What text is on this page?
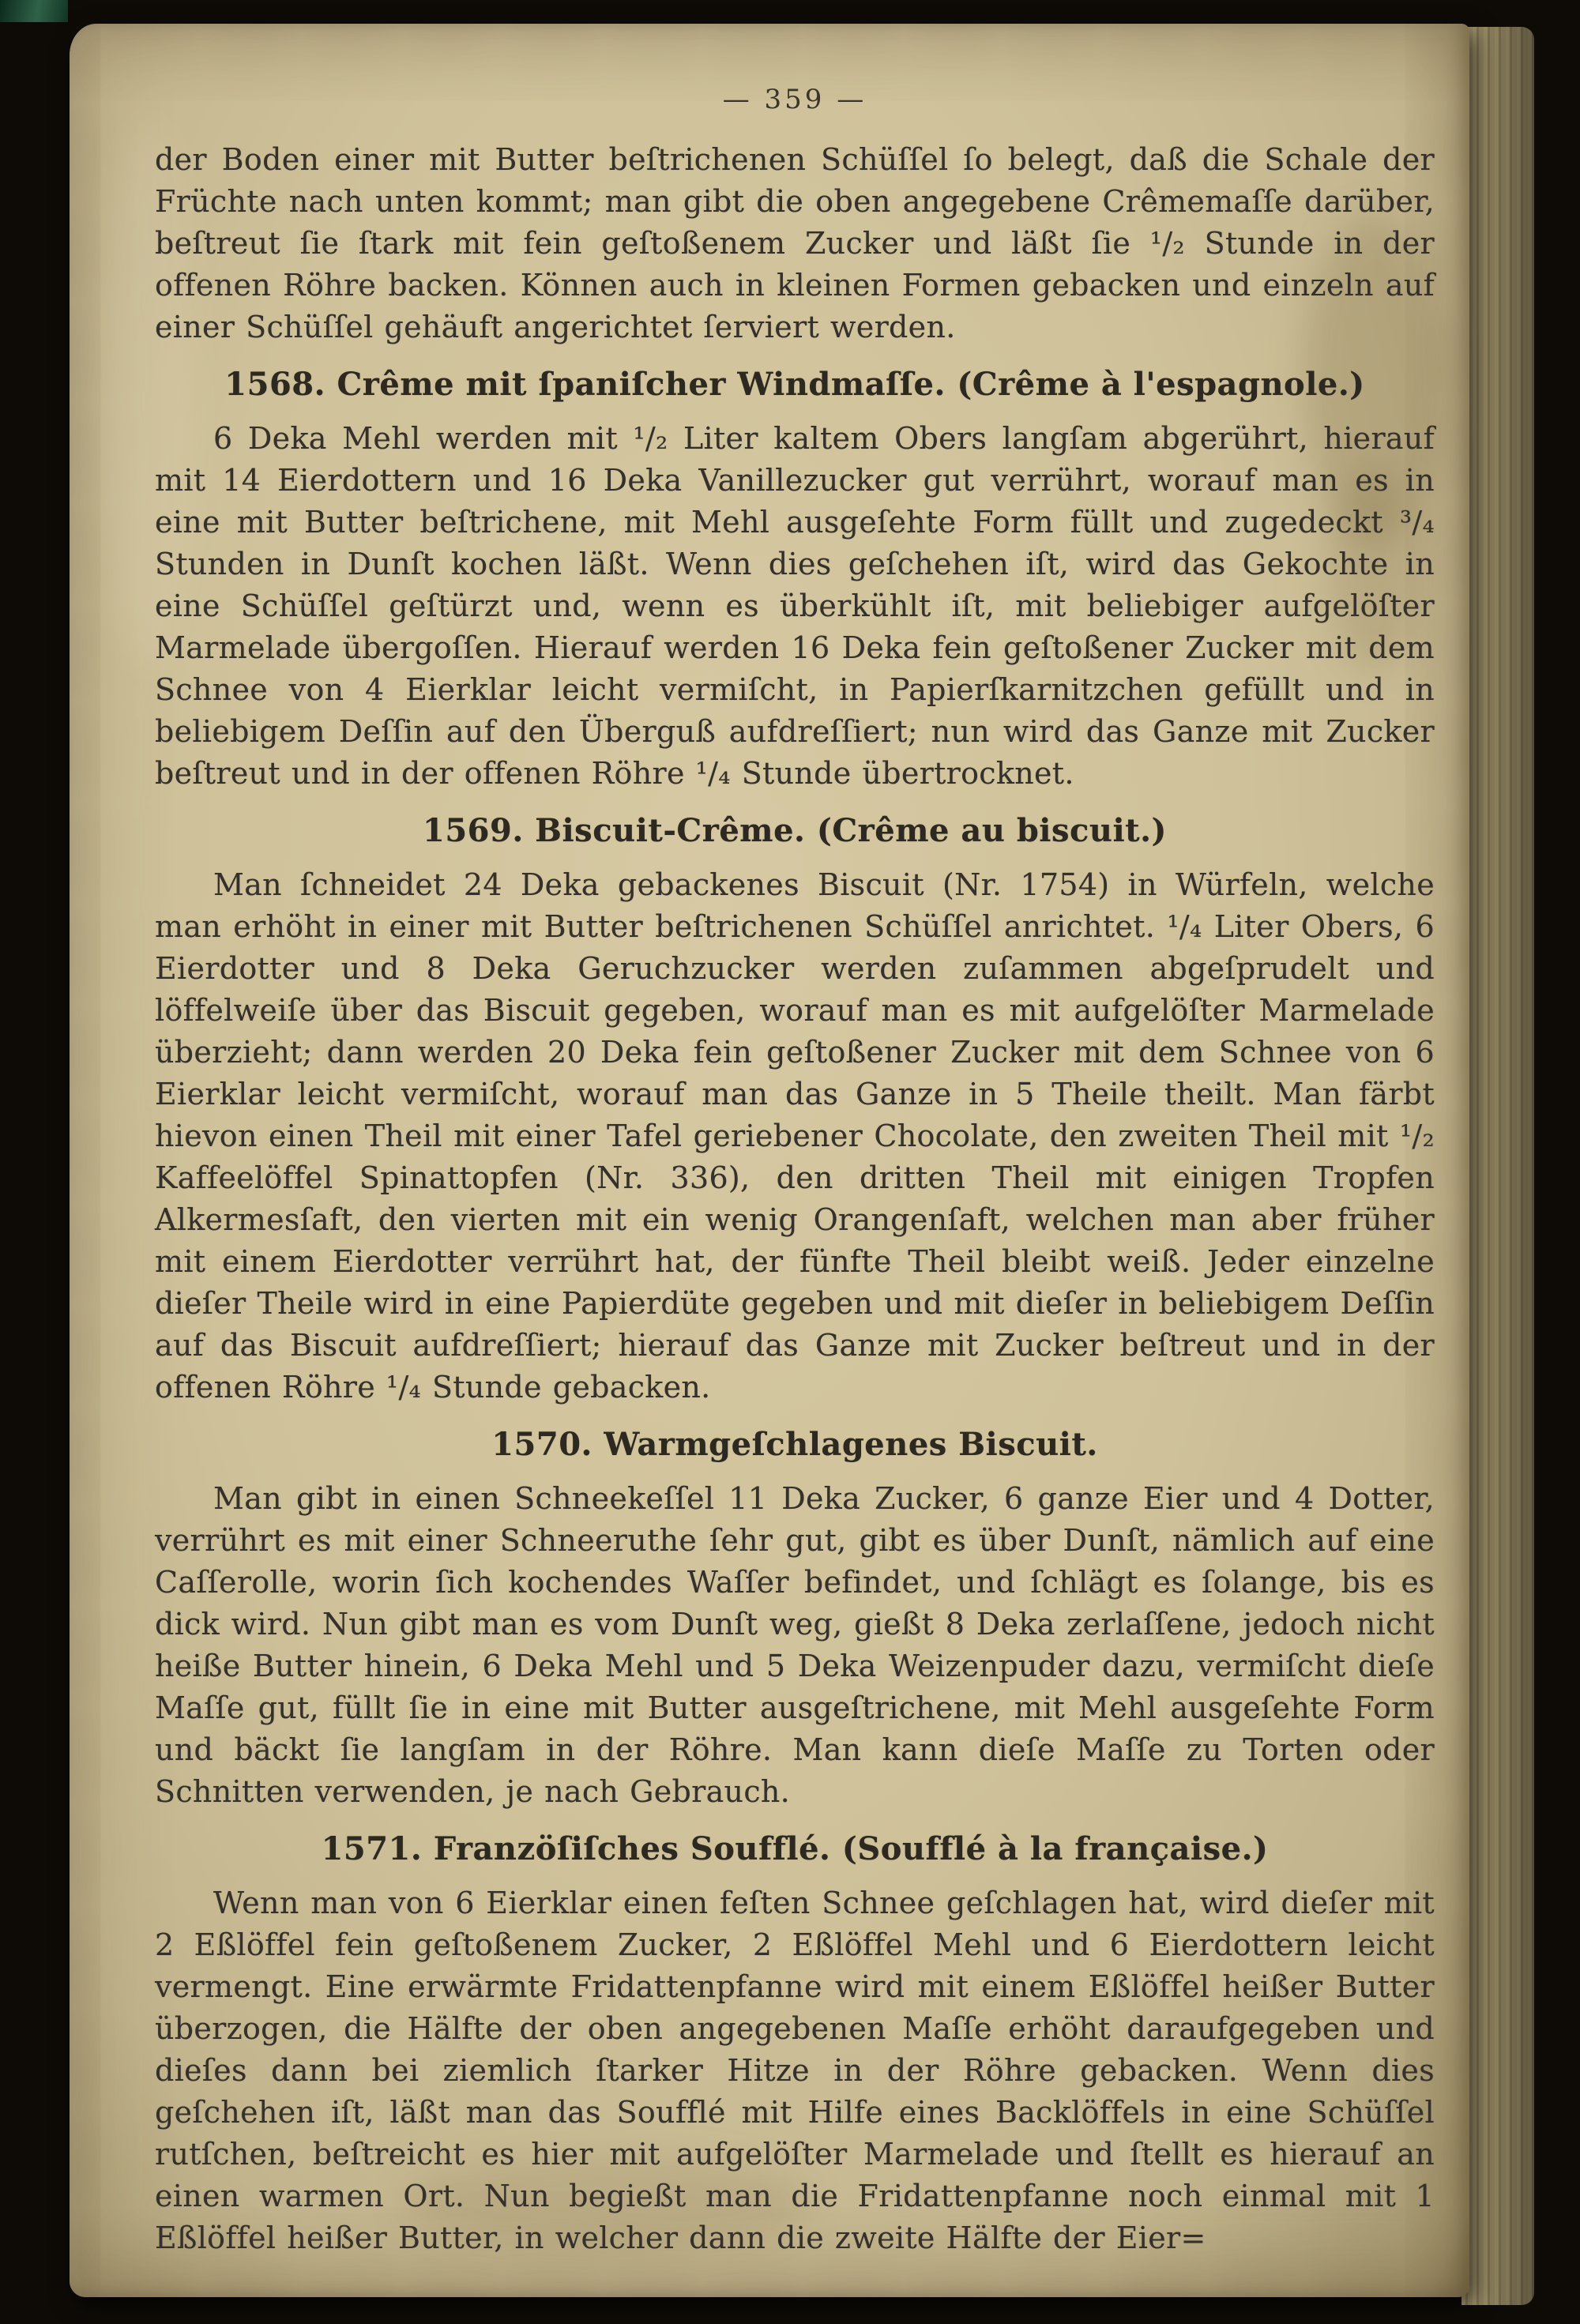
— 359 —

der Boden einer mit Butter beſtrichenen Schüſſel ſo belegt, daß die Schale der Früchte nach unten kommt; man gibt die oben angegebene Crêmemaſſe darüber, beſtreut ſie ſtark mit fein geſtoßenem Zucker und läßt ſie ¹/₂ Stunde in der offenen Röhre backen. Können auch in kleinen Formen gebacken und einzeln auf einer Schüſſel gehäuft angerichtet ſerviert werden.

1568. Crême mit ſpaniſcher Windmaſſe. (Crême à l'espagnole.)

6 Deka Mehl werden mit ¹/₂ Liter kaltem Obers langſam abgerührt, hierauf mit 14 Eierdottern und 16 Deka Vanillezucker gut verrührt, worauf man es in eine mit Butter beſtrichene, mit Mehl ausgeſehte Form füllt und zugedeckt ³/₄ Stunden in Dunſt kochen läßt. Wenn dies geſchehen iſt, wird das Gekochte in eine Schüſſel geſtürzt und, wenn es überkühlt iſt, mit beliebiger aufgelöſter Marmelade übergoſſen. Hierauf werden 16 Deka fein geſtoßener Zucker mit dem Schnee von 4 Eierklar leicht vermiſcht, in Papierſkarnitzchen gefüllt und in beliebigem Deſſin auf den Überguß aufdreſſiert; nun wird das Ganze mit Zucker beſtreut und in der offenen Röhre ¹/₄ Stunde übertrocknet.

1569. Biscuit-Crême. (Crême au biscuit.)

Man ſchneidet 24 Deka gebackenes Biscuit (Nr. 1754) in Würfeln, welche man erhöht in einer mit Butter beſtrichenen Schüſſel anrichtet. ¹/₄ Liter Obers, 6 Eierdotter und 8 Deka Geruchzucker werden zuſammen abgeſprudelt und löffelweiſe über das Biscuit gegeben, worauf man es mit aufgelöſter Marmelade überzieht; dann werden 20 Deka fein geſtoßener Zucker mit dem Schnee von 6 Eierklar leicht vermiſcht, worauf man das Ganze in 5 Theile theilt. Man färbt hievon einen Theil mit einer Tafel geriebener Chocolate, den zweiten Theil mit ¹/₂ Kaffeelöffel Spinattopfen (Nr. 336), den dritten Theil mit einigen Tropfen Alkermesſaft, den vierten mit ein wenig Orangenſaft, welchen man aber früher mit einem Eierdotter verrührt hat, der fünfte Theil bleibt weiß. Jeder einzelne dieſer Theile wird in eine Papierdüte gegeben und mit dieſer in beliebigem Deſſin auf das Biscuit aufdreſſiert; hierauf das Ganze mit Zucker beſtreut und in der offenen Röhre ¹/₄ Stunde gebacken.

1570. Warmgeſchlagenes Biscuit.

Man gibt in einen Schneekeſſel 11 Deka Zucker, 6 ganze Eier und 4 Dotter, verrührt es mit einer Schneeruthe ſehr gut, gibt es über Dunſt, nämlich auf eine Caſſerolle, worin ſich kochendes Waſſer befindet, und ſchlägt es ſolange, bis es dick wird. Nun gibt man es vom Dunſt weg, gießt 8 Deka zerlaſſene, jedoch nicht heiße Butter hinein, 6 Deka Mehl und 5 Deka Weizenpuder dazu, vermiſcht dieſe Maſſe gut, füllt ſie in eine mit Butter ausgeſtrichene, mit Mehl ausgeſehte Form und bäckt ſie langſam in der Röhre. Man kann dieſe Maſſe zu Torten oder Schnitten verwenden, je nach Gebrauch.

1571. Franzöſiſches Soufflé. (Soufflé à la française.)

Wenn man von 6 Eierklar einen feſten Schnee geſchlagen hat, wird dieſer mit 2 Eßlöffel fein geſtoßenem Zucker, 2 Eßlöffel Mehl und 6 Eierdottern leicht vermengt. Eine erwärmte Fridattenpfanne wird mit einem Eßlöffel heißer Butter überzogen, die Hälfte der oben angegebenen Maſſe erhöht daraufgegeben und dieſes dann bei ziemlich ſtarker Hitze in der Röhre gebacken. Wenn dies geſchehen iſt, läßt man das Soufflé mit Hilfe eines Backlöffels in eine Schüſſel rutſchen, beſtreicht es hier mit aufgelöſter Marmelade und ſtellt es hierauf an einen warmen Ort. Nun begießt man die Fridattenpfanne noch einmal mit 1 Eßlöffel heißer Butter, in welcher dann die zweite Hälfte der Eier=
